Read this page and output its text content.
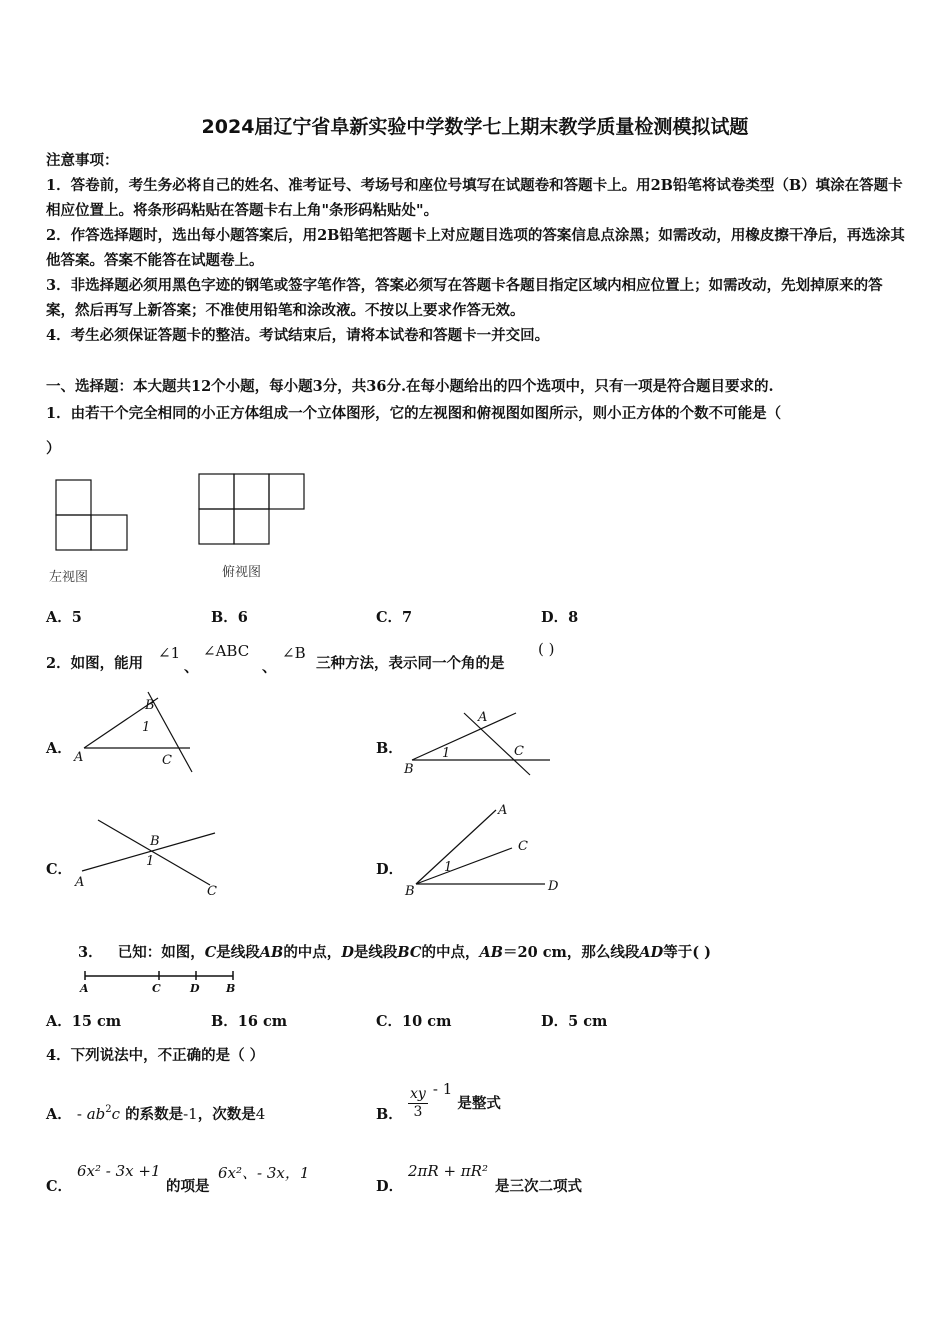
2024届辽宁省阜新实验中学数学七上期末教学质量检测模拟试题
注意事项：
1．答卷前，考生务必将自己的姓名、准考证号、考场号和座位号填写在试题卷和答题卡上。用2B铅笔将试卷类型（B）填涂在答题卡相应位置上。将条形码粘贴在答题卡右上角"条形码粘贴处"。
2．作答选择题时，选出每小题答案后，用2B铅笔把答题卡上对应题目选项的答案信息点涂黑；如需改动，用橡皮擦干净后，再选涂其他答案。答案不能答在试题卷上。
3．非选择题必须用黑色字迹的钢笔或签字笔作答，答案必须写在答题卡各题目指定区域内相应位置上；如需改动，先划掉原来的答案，然后再写上新答案；不准使用铅笔和涂改液。不按以上要求作答无效。
4．考生必须保证答题卡的整洁。考试结束后，请将本试卷和答题卡一并交回。
一、选择题：本大题共12个小题，每小题3分，共36分.在每小题给出的四个选项中，只有一项是符合题目要求的.
1．由若干个完全相同的小正方体组成一个立体图形，它的左视图和俯视图如图所示，则小正方体的个数不可能是（
）
左视图	俯视图
A．5	B．6	C．7	D．8
2．如图，能用
∠1
、
∠ABC
、
∠B
三种方法，表示同一个角的是
( )
A．
B
1
A	C
B．
A
C
1
B
C．
B
1
A
C
D．
A
C
1
B	D
3． 已知：如图，C是线段AB的中点，D是线段BC的中点，AB＝20 cm，那么线段AD等于( )
A	C	D B
A．15 cm	B．16 cm	C．10 cm	D．5 cm
4．下列说法中，不正确的是（ ）
A． - $ab^2c$ 的系数是-1，次数是4	B． $\frac{xy}{3} - 1$ 是整式
C．
6x² - 3x +1
的项是
6x²、- 3x，1
D．
2πR + πR²
是三次二项式
